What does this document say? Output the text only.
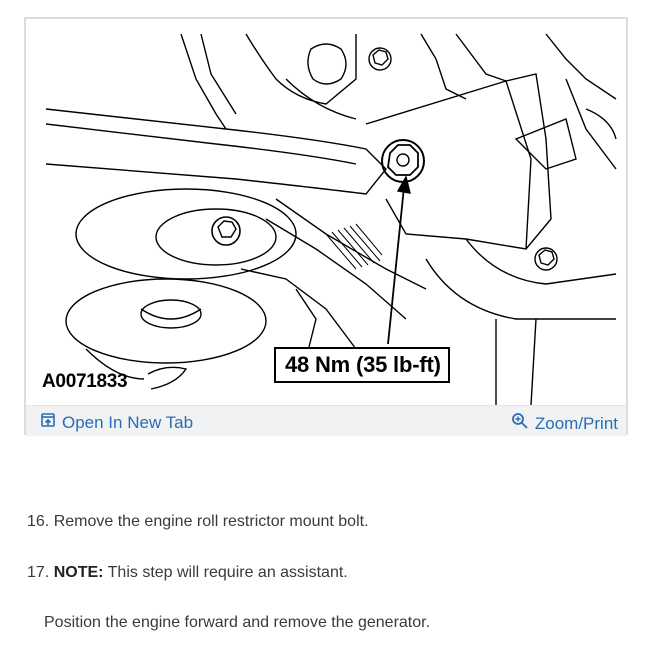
A0071833
48 Nm (35 lb-ft)
Open In New Tab	Zoom/Print
16. Remove the engine roll restrictor mount bolt.
17. NOTE: This step will require an assistant.
Position the engine forward and remove the generator.
